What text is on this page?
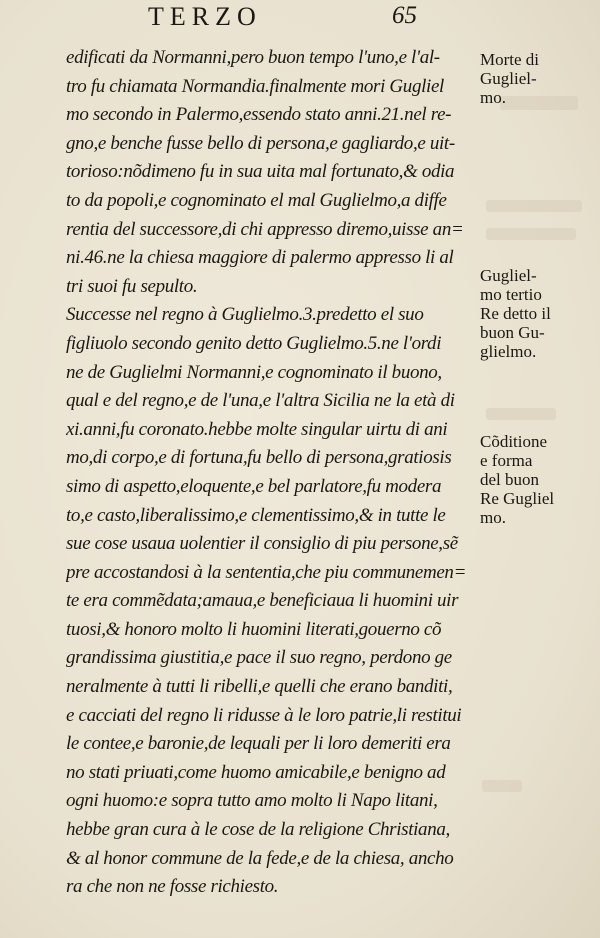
TERZO	65
edificati da Normanni,pero buon tempo l'uno,e l'al-
tro fu chiamata Normandia.finalmente mori Gugliel
mo secondo in Palermo,essendo stato anni.21.nel re-
gno,e benche fusse bello di persona,e gagliardo,e uit-
torioso:nõdimeno fu in sua uita mal fortunato,& odia
to da popoli,e cognominato el mal Guglielmo,a diffe
rentia del successore,di chi appresso diremo,uisse an=
ni.46.ne la chiesa maggiore di palermo appresso li al
tri suoi fu sepulto.
Successe nel regno à Guglielmo.3.predetto el suo
figliuolo secondo genito detto Guglielmo.5.ne l'ordi
ne de Guglielmi Normanni,e cognominato il buono,
qual e del regno,e de l'una,e l'altra Sicilia ne la età di
xi.anni,fu coronato.hebbe molte singular uirtu di ani
mo,di corpo,e di fortuna,fu bello di persona,gratiosis
simo di aspetto,eloquente,e bel parlatore,fu modera
to,e casto,liberalissimo,e clementissimo,& in tutte le
sue cose usaua uolentier il consiglio di piu persone,sẽ
pre accostandosi à la sententia,che piu communemen=
te era commẽdata;amaua,e beneficiaua li huomini uir
tuosi,& honoro molto li huomini literati,gouerno cõ
grandissima giustitia,e pace il suo regno, perdono ge
neralmente à tutti li ribelli,e quelli che erano banditi,
e cacciati del regno li ridusse à le loro patrie,li restitui
le contee,e baronie,de lequali per li loro demeriti era
no stati priuati,come huomo amicabile,e benigno ad
ogni huomo:e sopra tutto amo molto li Napo litani,
hebbe gran cura à le cose de la religione Christiana,
& al honor commune de la fede,e de la chiesa, ancho
ra che non ne fosse richiesto.
Morte di
Gugliel-
mo.
Gugliel-
mo tertio
Re detto il
buon Gu-
glielmo.
Cõditione
e forma
del buon
Re Gugliel
mo.
